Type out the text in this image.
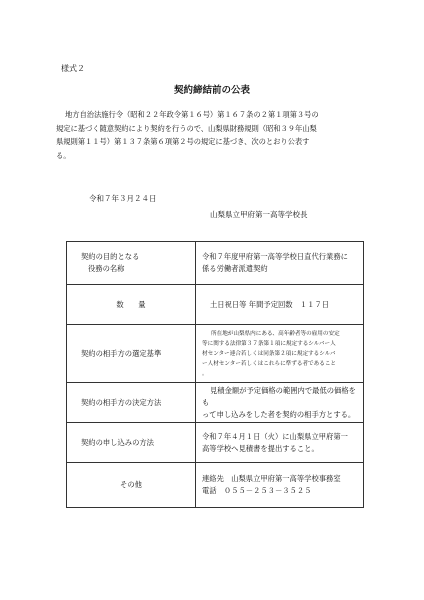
様式２
契約締結前の公表
地方自治法施行令（昭和２２年政令第１６号）第１６７条の２第１項第３号の
規定に基づく随意契約により契約を行うので、山梨県財務規則（昭和３９年山梨
県規則第１１号）第１３７条第６項第２号の規定に基づき、次のとおり公表す
る。
令和７年３月２４日
山梨県立甲府第一高等学校長
契約の目的となる
役務の名称	令和７年度甲府第一高等学校日直代行業務に
係る労働者派遣契約

数　　量	土日祝日等 年間予定回数　１１７日

契約の相手方の選定基準	所在地が山梨県内にある、高年齢者等の雇用の安定
等に関する法律第３７条第１項に規定するシルバー人
材センター連合若しくは同条第２項に規定するシルバ
ー人材センター若しくはこれらに準ずる者であること
。

契約の相手方の決定方法	見積金額が予定価格の範囲内で最低の価格をも
って申し込みをした者を契約の相手方とする。

契約の申し込みの方法	令和７年４月１日（火）に山梨県立甲府第一
高等学校へ見積書を提出すること。

その他	連絡先　山梨県立甲府第一高等学校事務室
電話　０５５－２５３－３５２５
